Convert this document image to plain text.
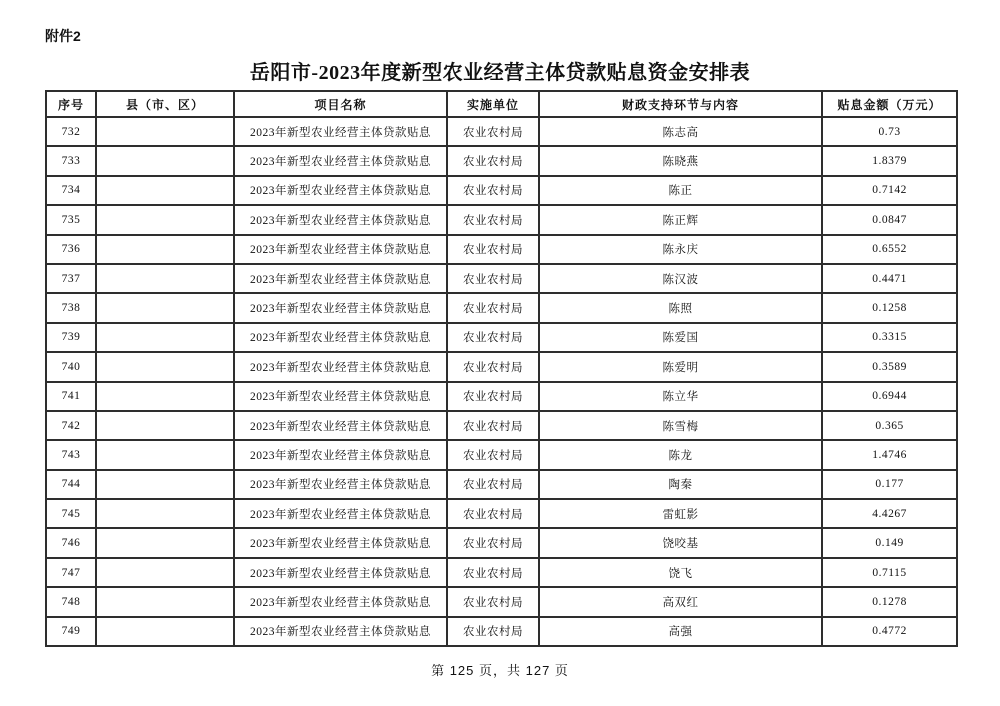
附件2
岳阳市-2023年度新型农业经营主体贷款贴息资金安排表
序号	县（市、区）	项目名称	实施单位	财政支持环节与内容	贴息金额（万元）
732		2023年新型农业经营主体贷款贴息	农业农村局	陈志高	0.73
733		2023年新型农业经营主体贷款贴息	农业农村局	陈晓燕	1.8379
734		2023年新型农业经营主体贷款贴息	农业农村局	陈正	0.7142
735		2023年新型农业经营主体贷款贴息	农业农村局	陈正辉	0.0847
736		2023年新型农业经营主体贷款贴息	农业农村局	陈永庆	0.6552
737		2023年新型农业经营主体贷款贴息	农业农村局	陈汉波	0.4471
738		2023年新型农业经营主体贷款贴息	农业农村局	陈照	0.1258
739		2023年新型农业经营主体贷款贴息	农业农村局	陈爱国	0.3315
740		2023年新型农业经营主体贷款贴息	农业农村局	陈爱明	0.3589
741		2023年新型农业经营主体贷款贴息	农业农村局	陈立华	0.6944
742		2023年新型农业经营主体贷款贴息	农业农村局	陈雪梅	0.365
743		2023年新型农业经营主体贷款贴息	农业农村局	陈龙	1.4746
744		2023年新型农业经营主体贷款贴息	农业农村局	陶秦	0.177
745		2023年新型农业经营主体贷款贴息	农业农村局	雷虹影	4.4267
746		2023年新型农业经营主体贷款贴息	农业农村局	饶咬基	0.149
747		2023年新型农业经营主体贷款贴息	农业农村局	饶飞	0.7115
748		2023年新型农业经营主体贷款贴息	农业农村局	高双红	0.1278
749		2023年新型农业经营主体贷款贴息	农业农村局	高强	0.4772
第 125 页，共 127 页
